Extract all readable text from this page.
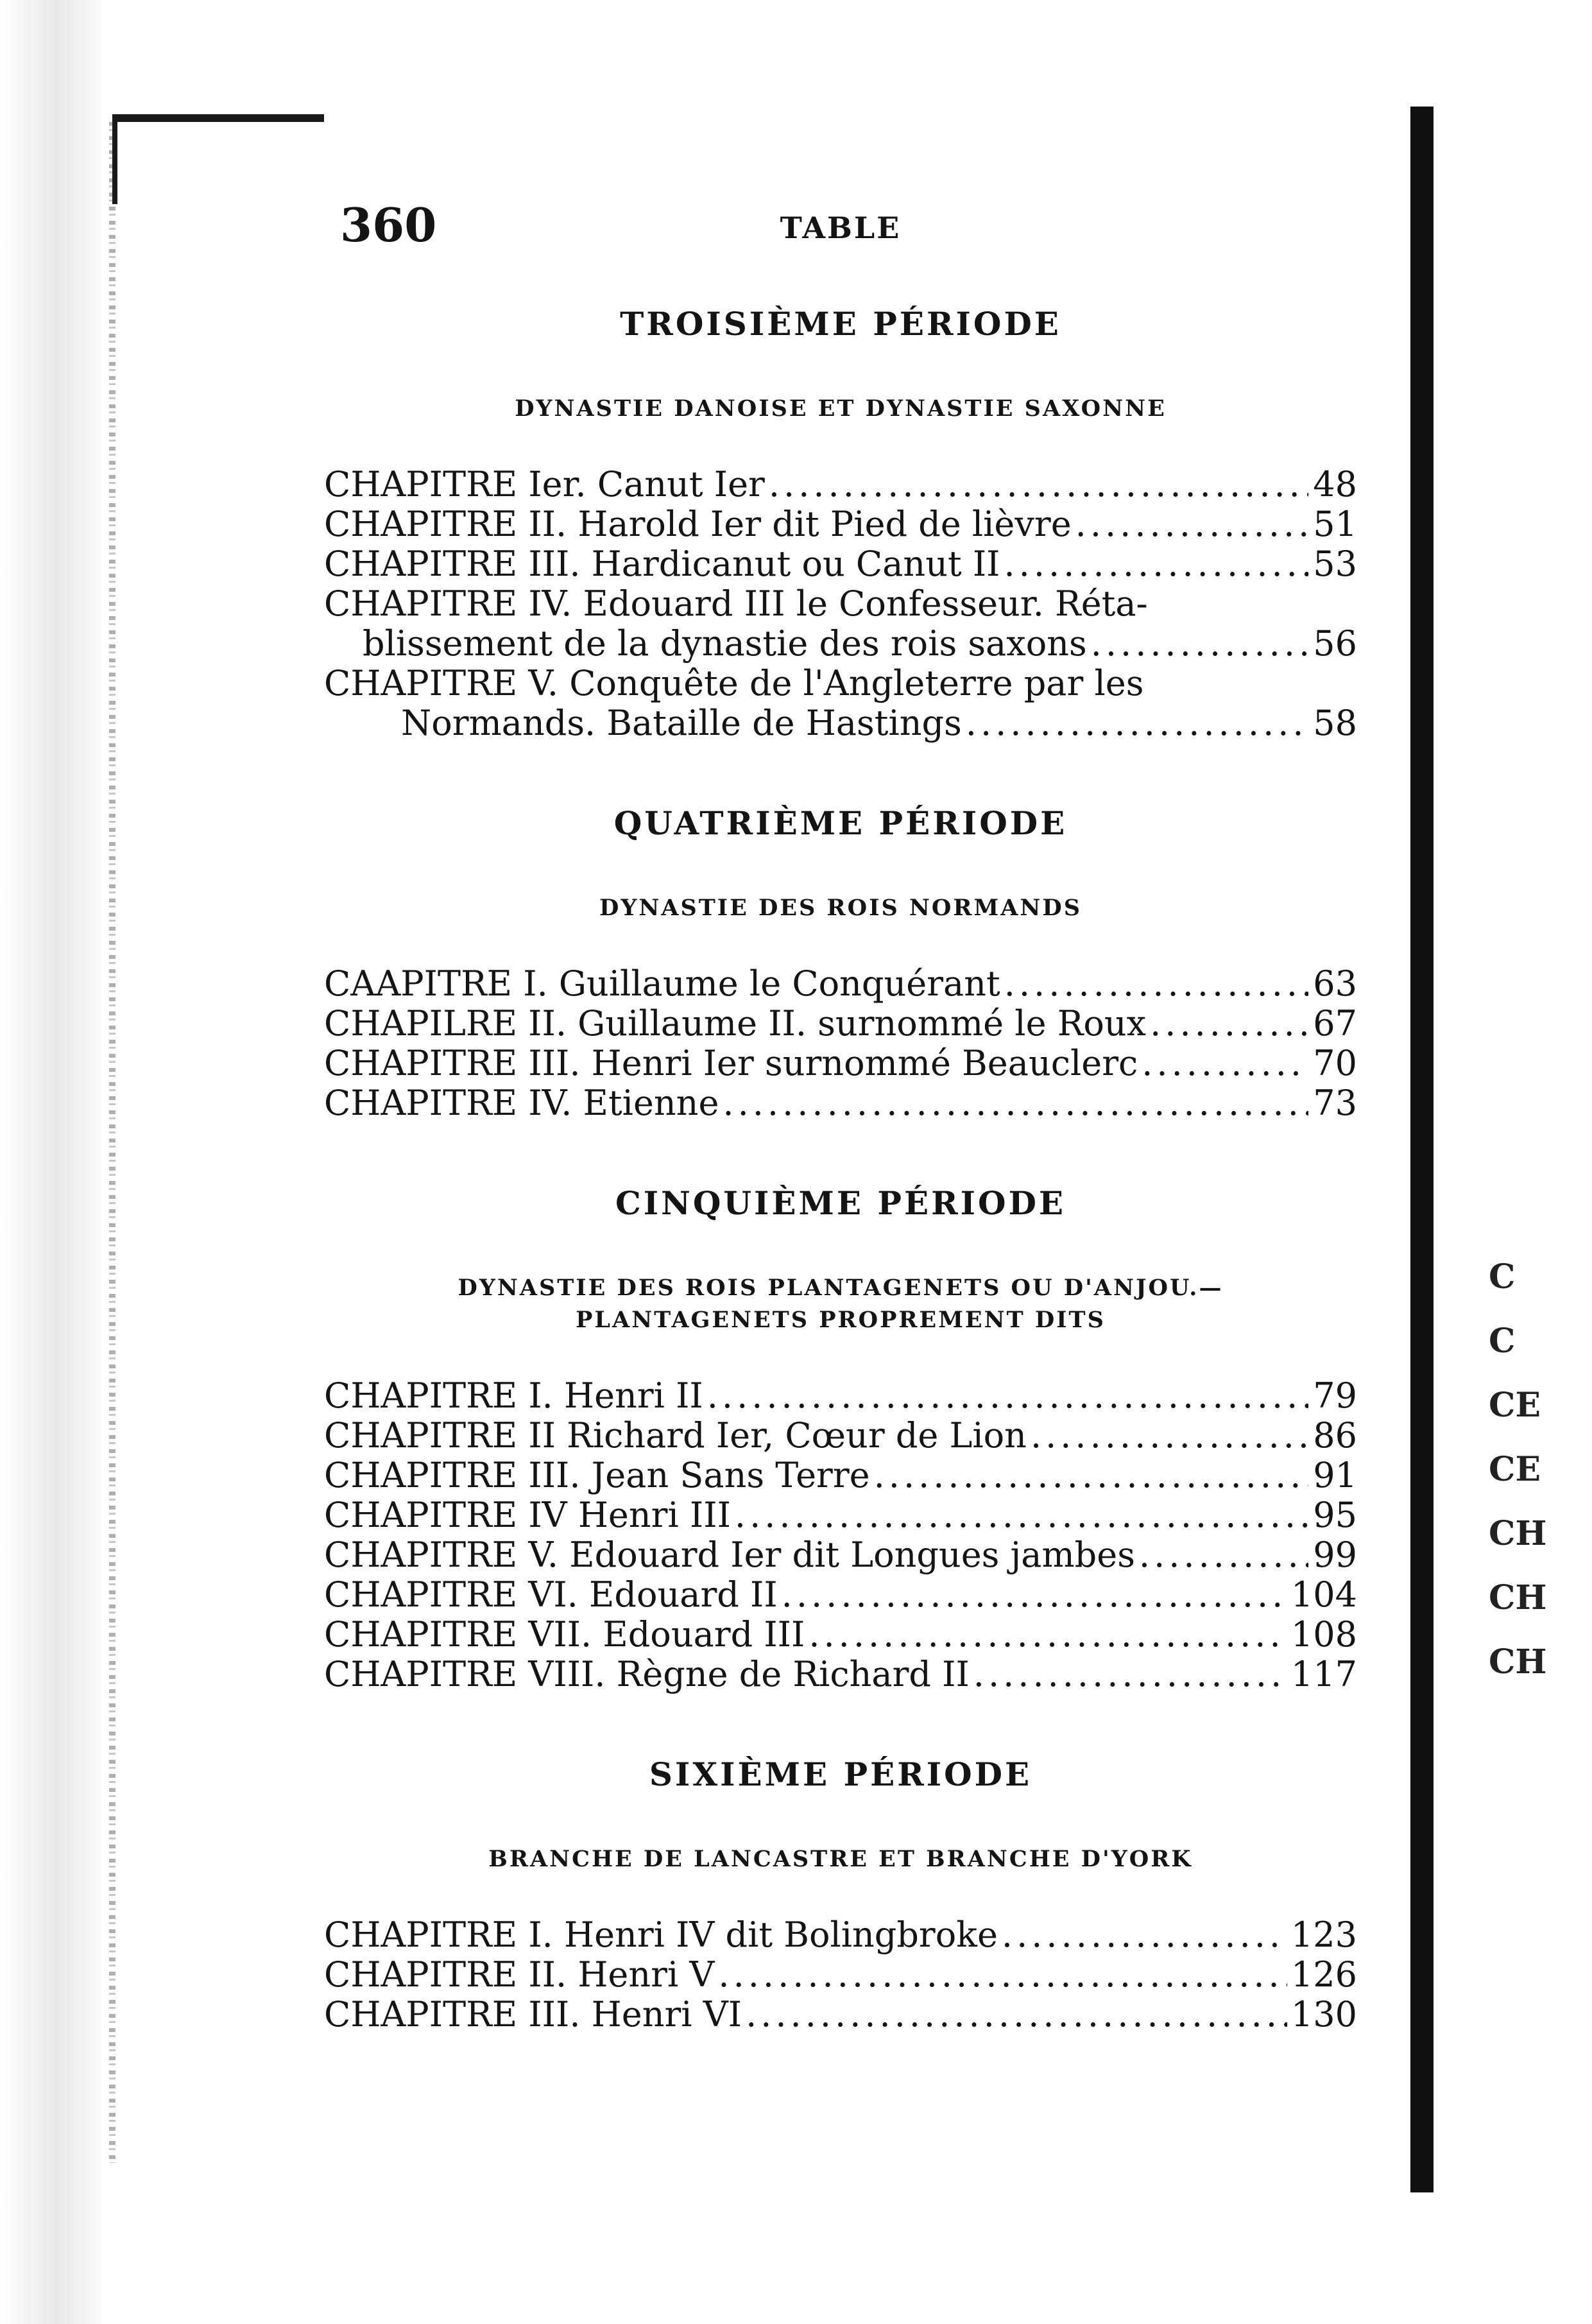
360	TABLE
TROISIÈME PÉRIODE
DYNASTIE DANOISE ET DYNASTIE SAXONNE
CHAPITRE Ier. Canut Ier .....	48
CHAPITRE II. Harold Ier dit Pied de lièvre .....	51
CHAPITRE III. Hardicanut ou Canut II .....	53
CHAPITRE IV. Edouard III le Confesseur. Réta-
blissement de la dynastie des rois saxons .....	56
CHAPITRE V. Conquête de l'Angleterre par les
Normands. Bataille de Hastings .....	58
QUATRIÈME PÉRIODE
DYNASTIE DES ROIS NORMANDS
CAAPITRE I. Guillaume le Conquérant .....	63
CHAPILRE II. Guillaume II. surnommé le Roux .....	67
CHAPITRE III. Henri Ier surnommé Beauclerc .....	70
CHAPITRE IV. Etienne .....	73
CINQUIÈME PÉRIODE
DYNASTIE DES ROIS PLANTAGENETS OU D'ANJOU.—
PLANTAGENETS PROPREMENT DITS
CHAPITRE I. Henri II .....	79
CHAPITRE II Richard Ier, Cœur de Lion .....	86
CHAPITRE III. Jean Sans Terre .....	91
CHAPITRE IV Henri III .....	95
CHAPITRE V. Edouard Ier dit Longues jambes .....	99
CHAPITRE VI. Edouard II .....	104
CHAPITRE VII. Edouard III .....	108
CHAPITRE VIII. Règne de Richard II .....	117
SIXIÈME PÉRIODE
BRANCHE DE LANCASTRE ET BRANCHE D'YORK
CHAPITRE I. Henri IV dit Bolingbroke .....	123
CHAPITRE II. Henri V .....	126
CHAPITRE III. Henri VI .....	130
C
C
CE
CE
CH
CH
CH
